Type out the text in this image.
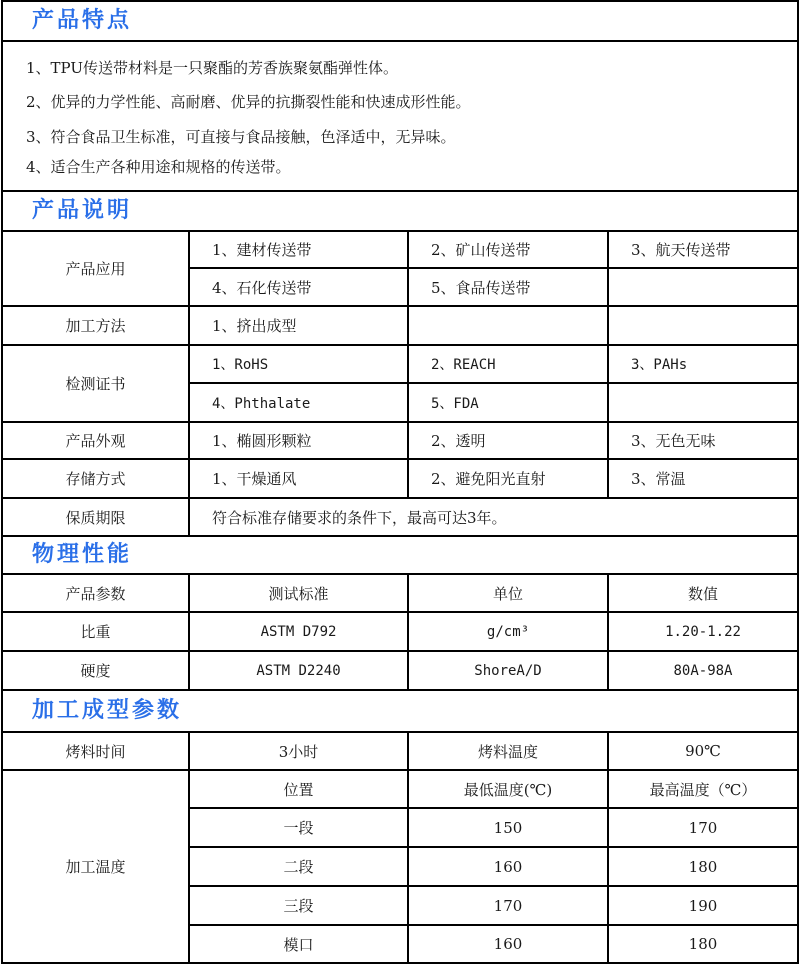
产品特点
1、TPU传送带材料是一只聚酯的芳香族聚氨酯弹性体。
2、优异的力学性能、高耐磨、优异的抗撕裂性能和快速成形性能。
3、符合食品卫生标准，可直接与食品接触，色泽适中，无异味。
4、适合生产各种用途和规格的传送带。
产品说明
产品应用
1、建材传送带	2、矿山传送带	3、航天传送带
4、石化传送带	5、食品传送带
加工方法	1、挤出成型
检测证书
1、RoHS	2、REACH	3、PAHs
4、Phthalate	5、FDA
产品外观	1、椭圆形颗粒	2、透明	3、无色无味
存储方式	1、干燥通风	2、避免阳光直射	3、常温
保质期限	符合标准存储要求的条件下，最高可达3年。
物理性能
产品参数	测试标准	单位	数值
比重	ASTM D792	g/cm³	1.20-1.22
硬度	ASTM D2240	ShoreA/D	80A-98A
加工成型参数
烤料时间	3小时	烤料温度	90℃
加工温度
位置	最低温度(℃)	最高温度（℃）
一段	150	170
二段	160	180
三段	170	190
模口	160	180
